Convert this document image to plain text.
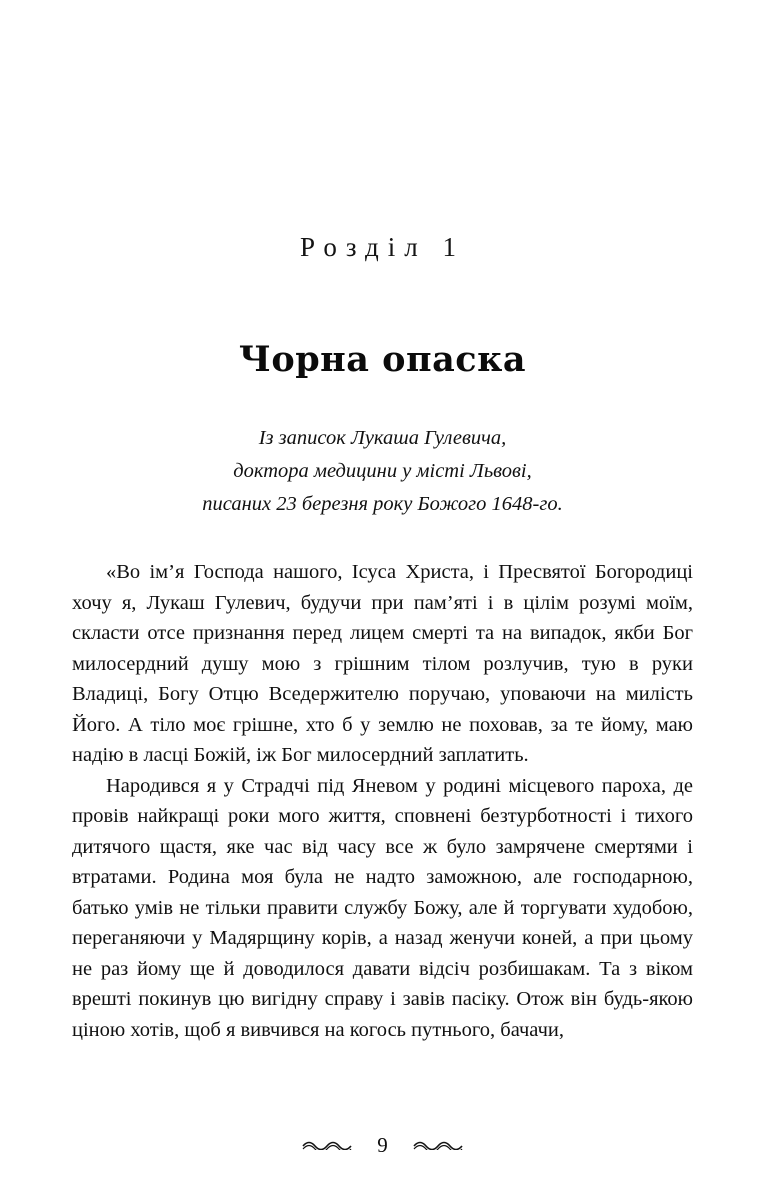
Розділ 1
Чорна опаска
Із записок Лукаша Гулевича,
доктора медицини у місті Львові,
писаних 23 березня року Божого 1648-го.

«Во ім’я Господа нашого, Ісуса Христа, і Пресвятої Богородиці хочу я, Лукаш Гулевич, будучи при пам’яті і в цілім розумі моїм, скласти отсе признання перед лицем смерті та на випадок, якби Бог милосердний душу мою з грішним тілом розлучив, тую в руки Владиці, Богу Отцю Вседержителю поручаю, уповаючи на милість Його. А тіло моє грішне, хто б у землю не поховав, за те йому, маю надію в ласці Божій, іж Бог милосердний заплатить.

Народився я у Страдчі під Яневом у родині місцевого пароха, де провів найкращі роки мого життя, сповнені безтурботності і тихого дитячого щастя, яке час від часу все ж було замрячене смертями і втратами. Родина моя була не надто заможною, але господарною, батько умів не тільки правити службу Божу, але й торгувати худобою, переганяючи у Мадярщину корів, а назад женучи коней, а при цьому не раз йому ще й доводилося давати відсіч розбишакам. Та з віком врешті покинув цю вигідну справу і завів пасіку. Отож він будь-якою ціною хотів, щоб я вивчився на когось путнього, бачачи,

9
